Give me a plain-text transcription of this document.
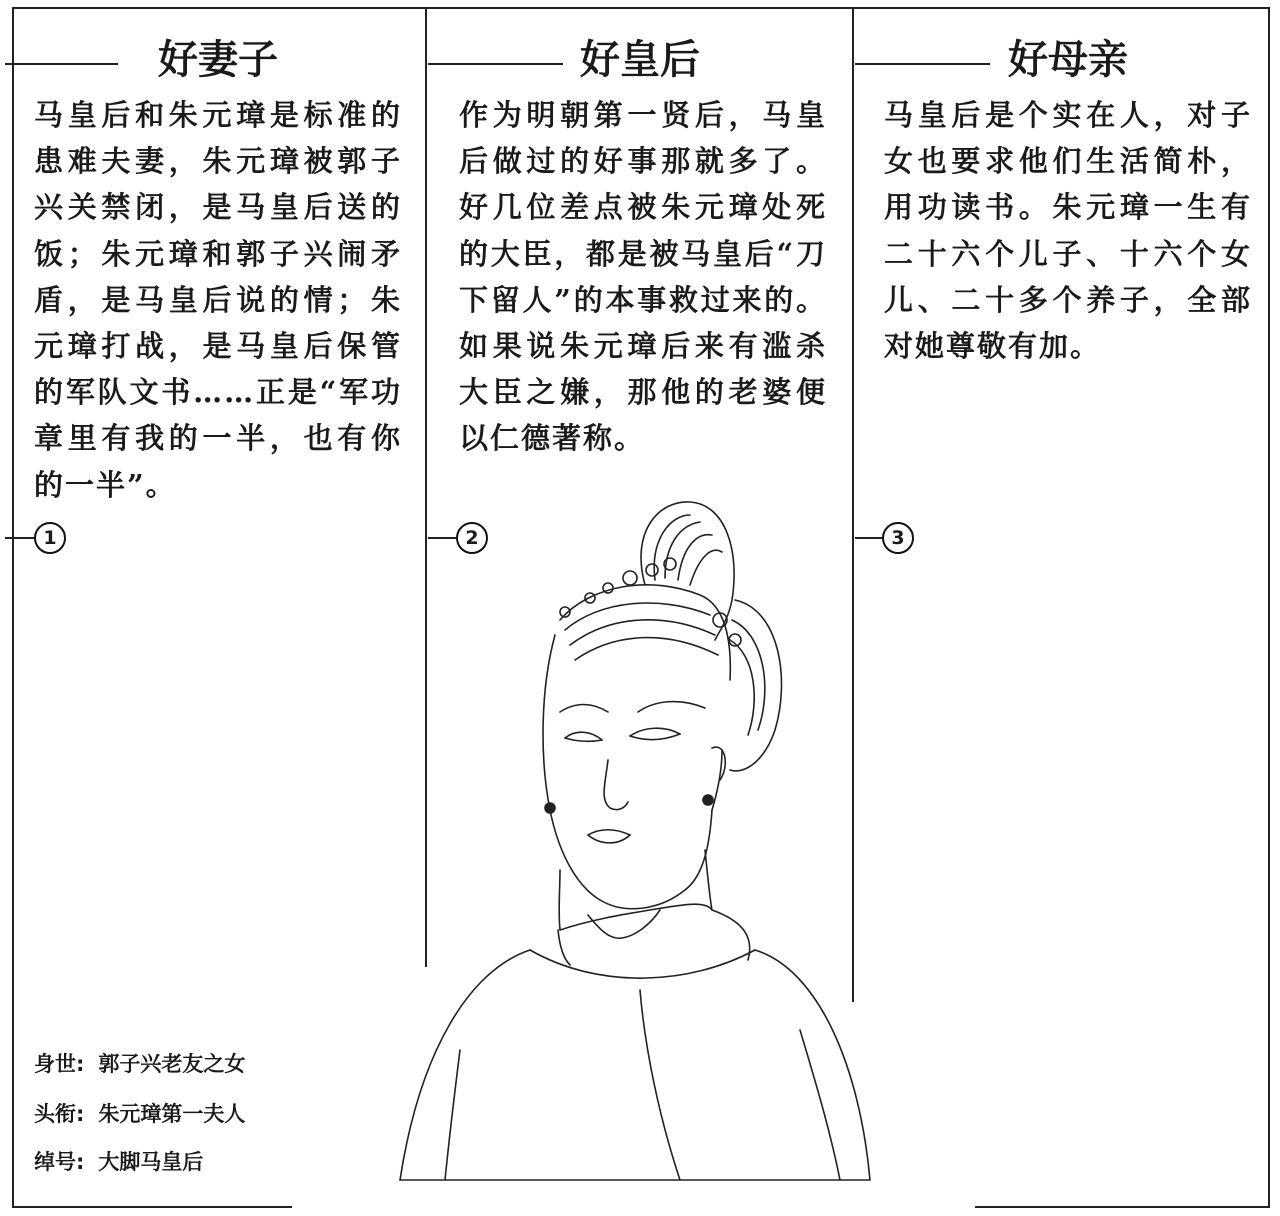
好妻子
马皇后和朱元璋是标准的患难夫妻，朱元璋被郭子兴关禁闭，是马皇后送的饭；朱元璋和郭子兴闹矛盾，是马皇后说的情；朱元璋打战，是马皇后保管的军队文书……正是“军功章里有我的一半，也有你的一半”。
1
好皇后
作为明朝第一贤后，马皇后做过的好事那就多了。好几位差点被朱元璋处死的大臣，都是被马皇后“刀下留人”的本事救过来的。如果说朱元璋后来有滥杀大臣之嫌，那他的老婆便以仁德著称。
2
好母亲
马皇后是个实在人，对子女也要求他们生活简朴，用功读书。朱元璋一生有二十六个儿子、十六个女儿、二十多个养子，全部对她尊敬有加。
3
身世: 郭子兴老友之女
头衔: 朱元璋第一夫人
绰号: 大脚马皇后
